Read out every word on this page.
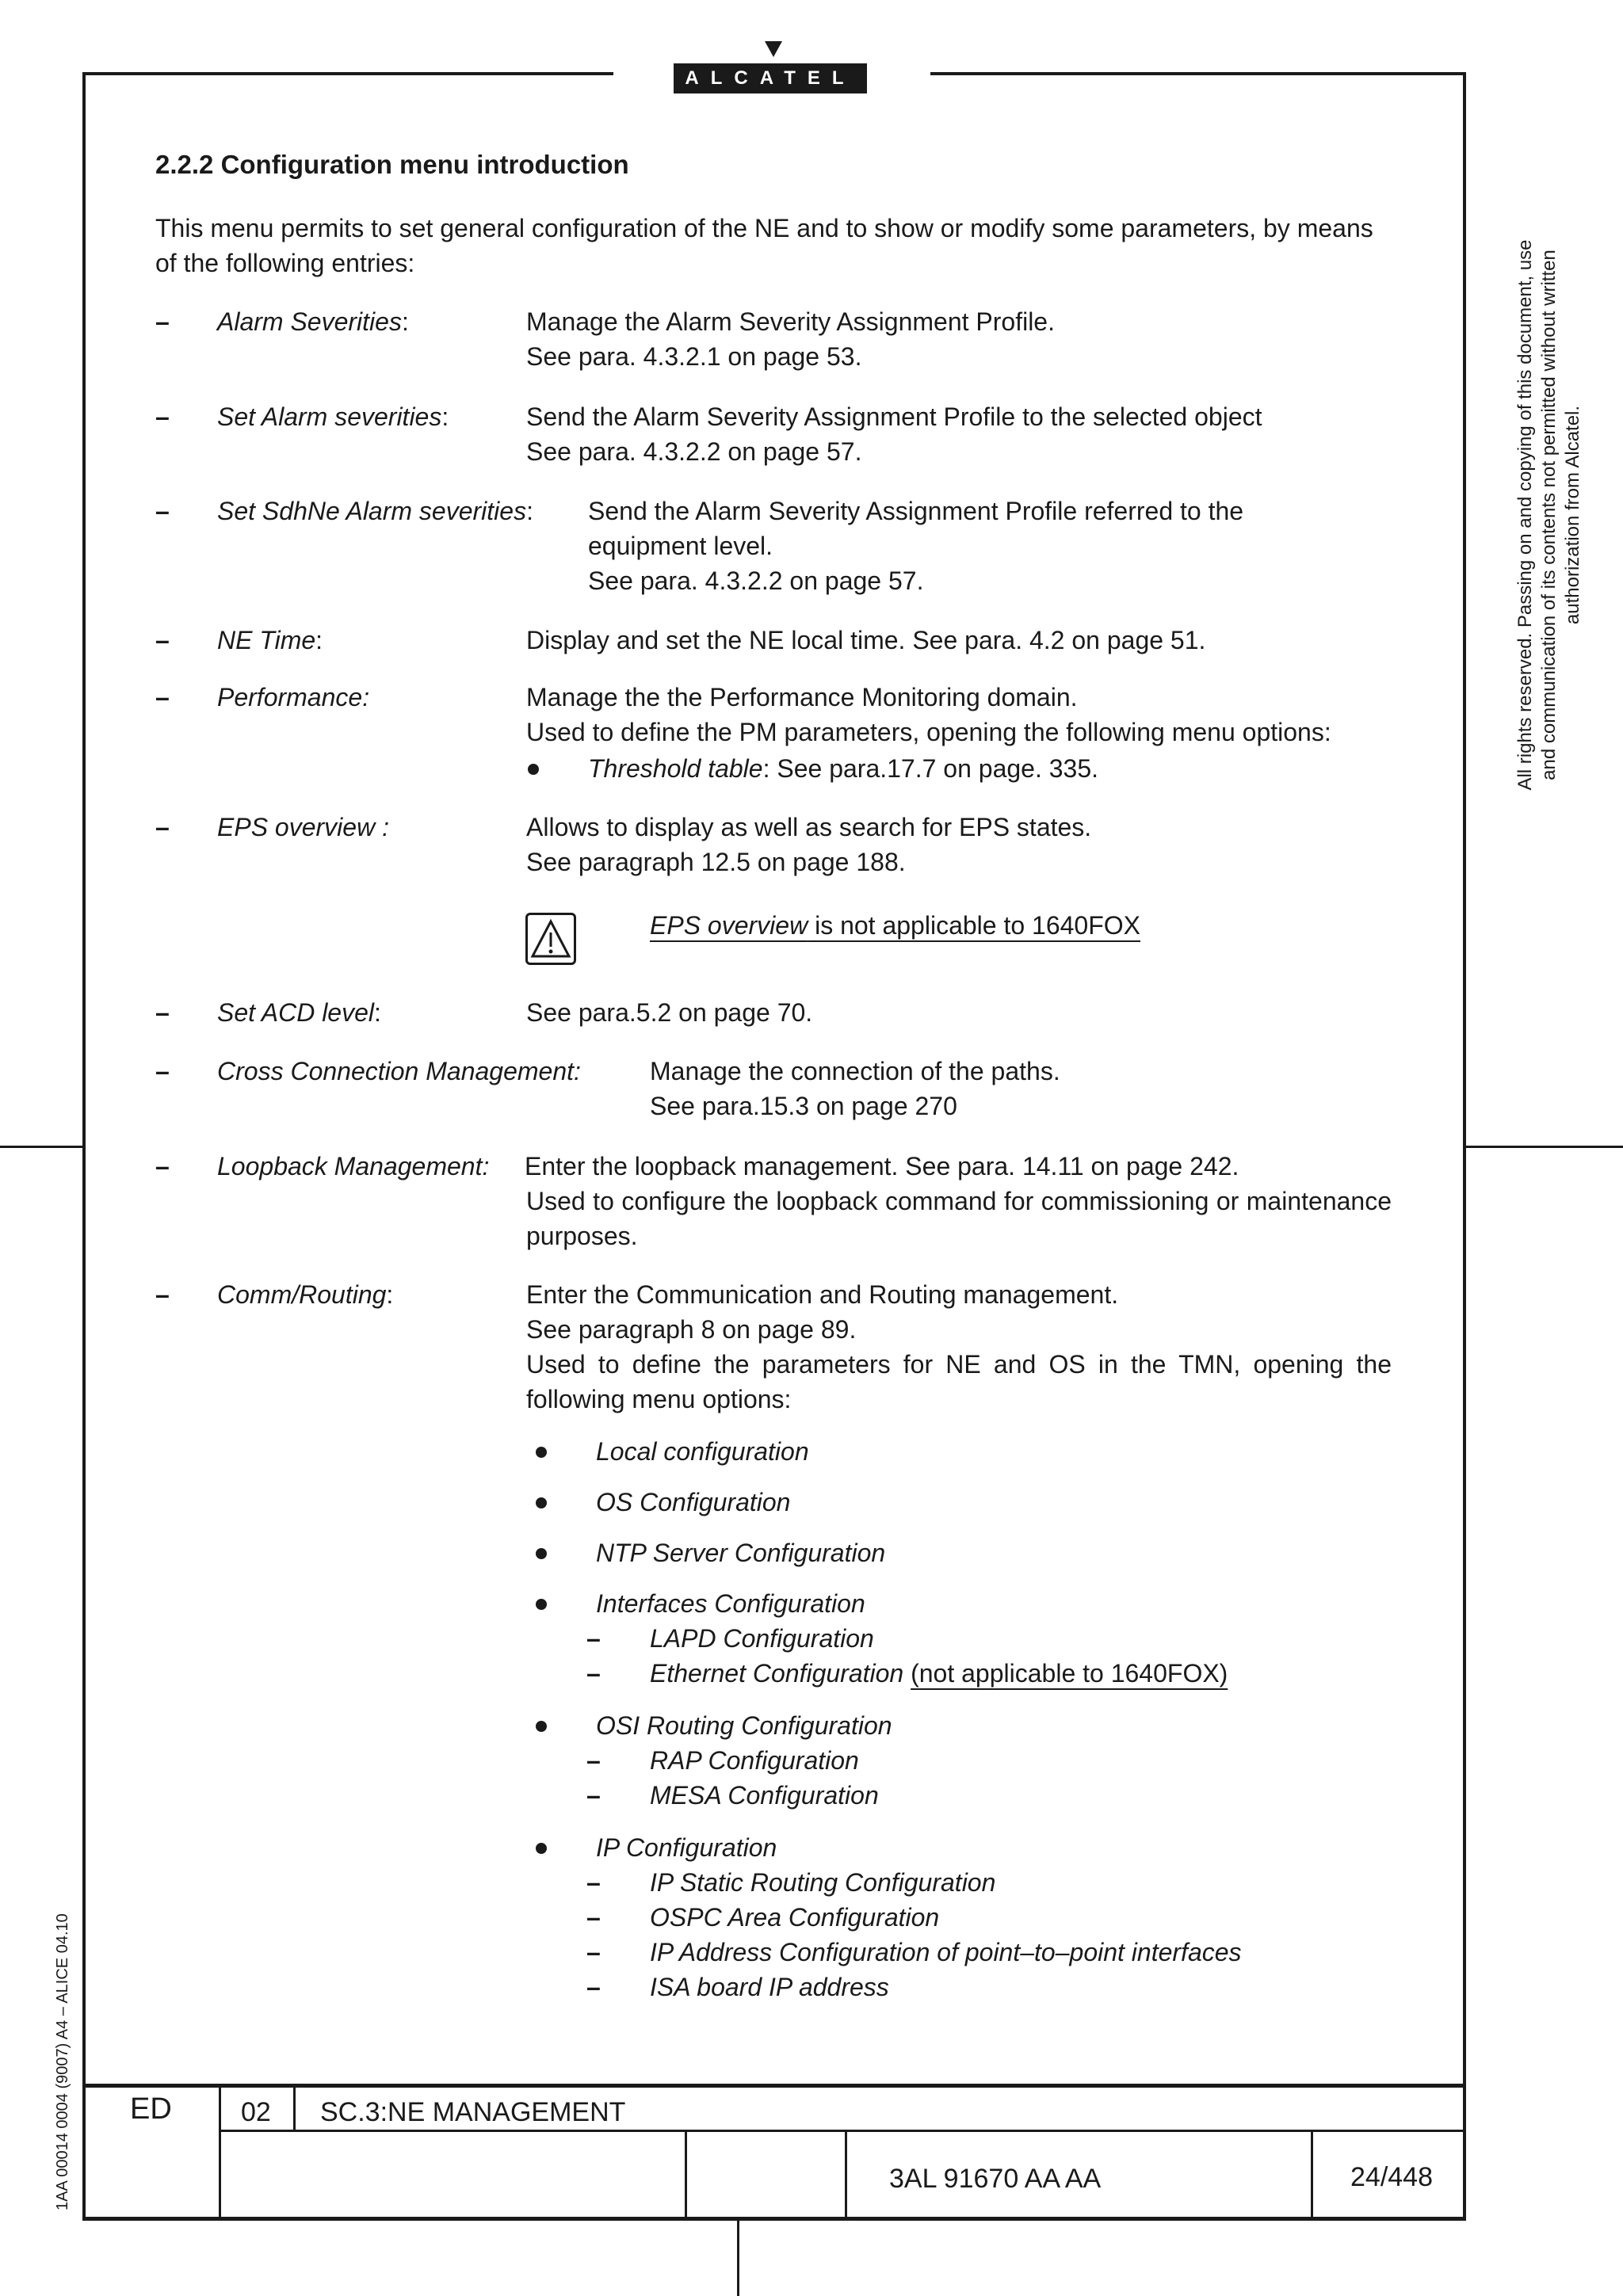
ALCATEL
2.2.2 Configuration menu introduction
This menu permits to set general configuration of the NE and to show or modify some parameters, by means of the following entries:
– Alarm Severities:	Manage the Alarm Severity Assignment Profile.
See para. 4.3.2.1 on page 53.
– Set Alarm severities:	Send the Alarm Severity Assignment Profile to the selected object
See para. 4.3.2.2 on page 57.
– Set SdhNe Alarm severities: Send the Alarm Severity Assignment Profile referred to the
equipment level.
See para. 4.3.2.2 on page 57.
– NE Time:	Display and set the NE local time. See para. 4.2 on page 51.
– Performance:	Manage the the Performance Monitoring domain.
Used to define the PM parameters, opening the following menu options:
Threshold table: See para.17.7 on page. 335.
– EPS overview :	Allows to display as well as search for EPS states.
See paragraph 12.5 on page 188.
EPS overview is not applicable to 1640FOX
– Set ACD level:	See para.5.2 on page 70.
– Cross Connection Management:	Manage the connection of the paths.
See para.15.3 on page 270
– Loopback Management: Enter the loopback management. See para. 14.11 on page 242.
Used to configure the loopback command for commissioning or maintenance purposes.
– Comm/Routing:	Enter the Communication and Routing management.
See paragraph 8 on page 89.
Used to define the parameters for NE and OS in the TMN, opening the following menu options:
Local configuration
OS Configuration
NTP Server Configuration
Interfaces Configuration
– LAPD Configuration
– Ethernet Configuration (not applicable to 1640FOX)
OSI Routing Configuration
– RAP Configuration
– MESA Configuration
IP Configuration
– IP Static Routing Configuration
– OSPC Area Configuration
– IP Address Configuration of point–to–point interfaces
– ISA board IP address
All rights reserved. Passing on and copying of this document, use and communication of its contents not permitted without written authorization from Alcatel.
1AA 00014 0004 (9007) A4 – ALICE 04.10 ED	02 SC.3:NE MANAGEMENT
3AL 91670 AA AA	24/448
